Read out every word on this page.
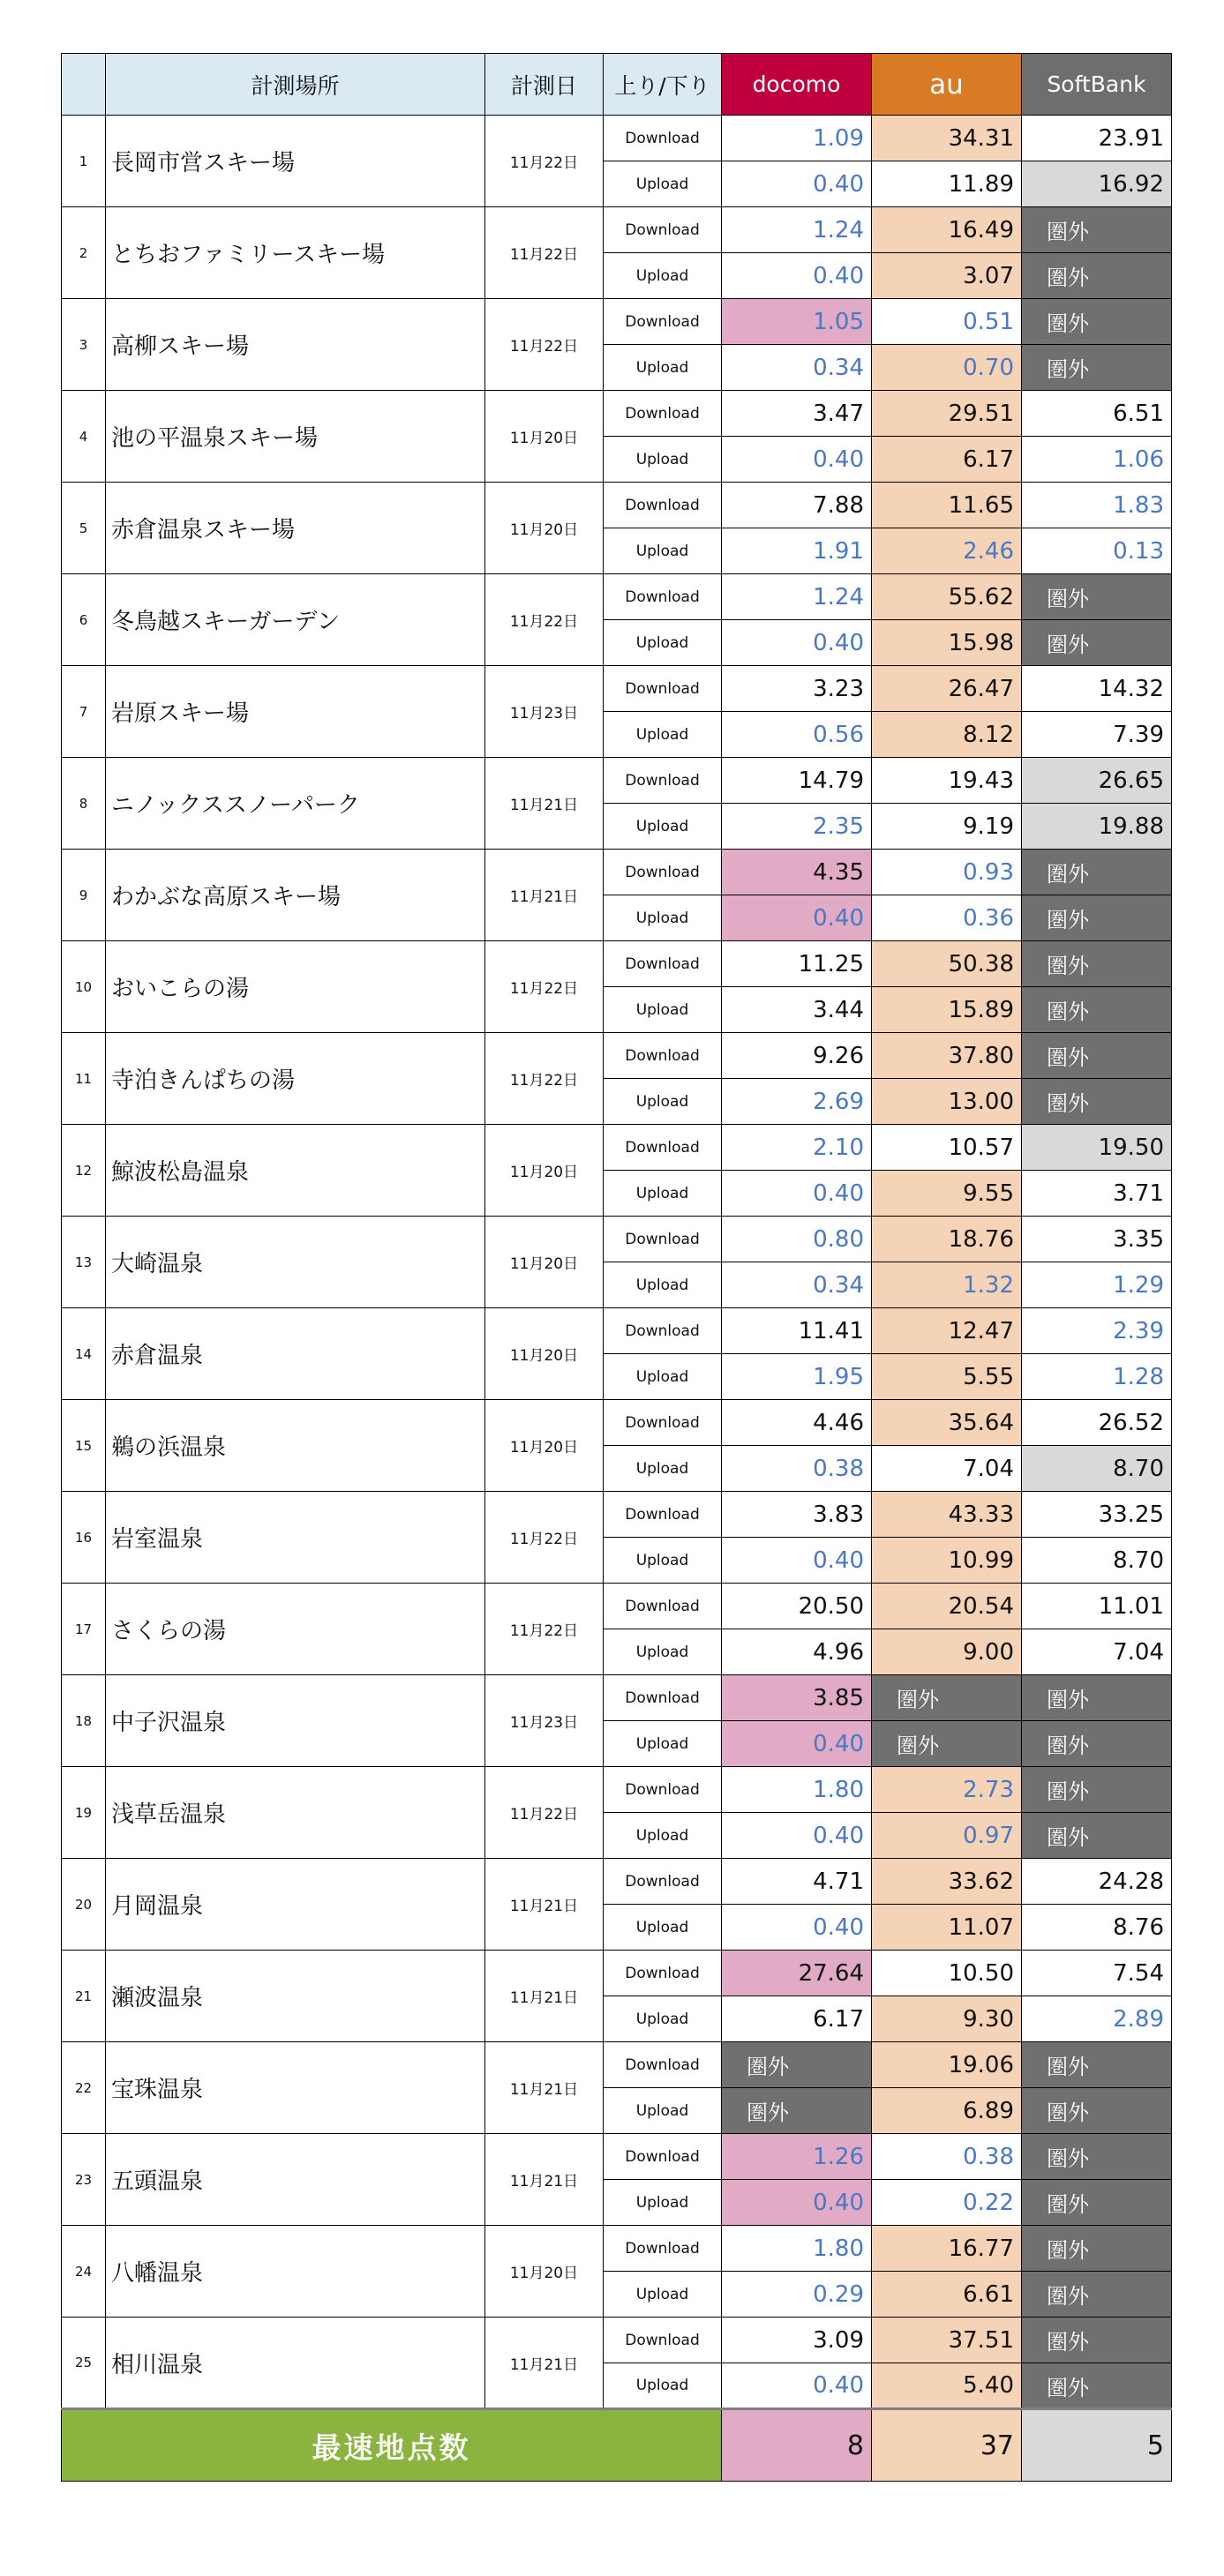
	計測場所	計測日	上り/下り	docomo	au	SoftBank
1	長岡市営スキー場	11月22日	Download	1.09	34.31	23.91
			Upload	0.40	11.89	16.92
2	とちおファミリースキー場	11月22日	Download	1.24	16.49	圏外
			Upload	0.40	3.07	圏外
3	高柳スキー場	11月22日	Download	1.05	0.51	圏外
			Upload	0.34	0.70	圏外
4	池の平温泉スキー場	11月20日	Download	3.47	29.51	6.51
			Upload	0.40	6.17	1.06
5	赤倉温泉スキー場	11月20日	Download	7.88	11.65	1.83
			Upload	1.91	2.46	0.13
6	冬鳥越スキーガーデン	11月22日	Download	1.24	55.62	圏外
			Upload	0.40	15.98	圏外
7	岩原スキー場	11月23日	Download	3.23	26.47	14.32
			Upload	0.56	8.12	7.39
8	ニノックススノーパーク	11月21日	Download	14.79	19.43	26.65
			Upload	2.35	9.19	19.88
9	わかぶな高原スキー場	11月21日	Download	4.35	0.93	圏外
			Upload	0.40	0.36	圏外
10	おいこらの湯	11月22日	Download	11.25	50.38	圏外
			Upload	3.44	15.89	圏外
11	寺泊きんぱちの湯	11月22日	Download	9.26	37.80	圏外
			Upload	2.69	13.00	圏外
12	鯨波松島温泉	11月20日	Download	2.10	10.57	19.50
			Upload	0.40	9.55	3.71
13	大崎温泉	11月20日	Download	0.80	18.76	3.35
			Upload	0.34	1.32	1.29
14	赤倉温泉	11月20日	Download	11.41	12.47	2.39
			Upload	1.95	5.55	1.28
15	鵜の浜温泉	11月20日	Download	4.46	35.64	26.52
			Upload	0.38	7.04	8.70
16	岩室温泉	11月22日	Download	3.83	43.33	33.25
			Upload	0.40	10.99	8.70
17	さくらの湯	11月22日	Download	20.50	20.54	11.01
			Upload	4.96	9.00	7.04
18	中子沢温泉	11月23日	Download	3.85	圏外	圏外
			Upload	0.40	圏外	圏外
19	浅草岳温泉	11月22日	Download	1.80	2.73	圏外
			Upload	0.40	0.97	圏外
20	月岡温泉	11月21日	Download	4.71	33.62	24.28
			Upload	0.40	11.07	8.76
21	瀬波温泉	11月21日	Download	27.64	10.50	7.54
			Upload	6.17	9.30	2.89
22	宝珠温泉	11月21日	Download	圏外	19.06	圏外
			Upload	圏外	6.89	圏外
23	五頭温泉	11月21日	Download	1.26	0.38	圏外
			Upload	0.40	0.22	圏外
24	八幡温泉	11月20日	Download	1.80	16.77	圏外
			Upload	0.29	6.61	圏外
25	相川温泉	11月21日	Download	3.09	37.51	圏外
			Upload	0.40	5.40	圏外
最速地点数				8	37	5
